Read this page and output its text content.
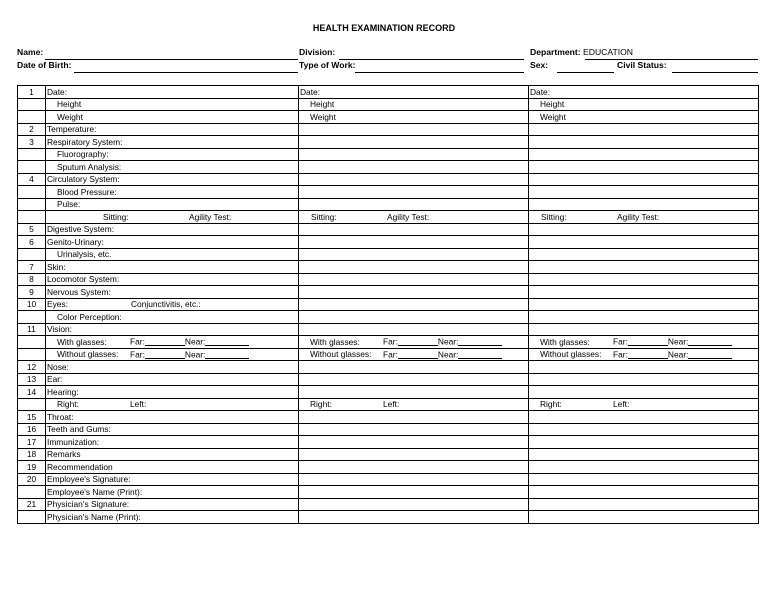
HEALTH EXAMINATION RECORD
Name:	Division:	Department: EDUCATION
Date of Birth:	Type of Work:	Sex:	Civil Status:
1	Date:	Date:	Date:
	Height	Height	Height
	Weight	Weight	Weight
2	Temperature:		
3	Respiratory System:		
	Fluorography:		
	Sputum Analysis:		
4	Circulatory System:		
	Blood Pressure:		
	Pulse:		
	Sitting: Agility Test:	Sitting: Agility Test:	Sitting: Agility Test:
5	Digestive System:		
6	Genito-Urinary:		
	Urinalysis, etc.		
7	Skin:		
8	Locomotor System:		
9	Nervous System:		
10	Eyes: Conjunctivitis, etc.:		
	Color Perception:		
11	Vision:		
	With glasses: Far: Near:	With glasses: Far: Near:	With glasses: Far: Near:
	Without glasses: Far: Near:	Without glasses: Far: Near:	Without glasses: Far: Near:
12	Nose:		
13	Ear:		
14	Hearing:		
	Right: Left:	Right: Left:	Right: Left:
15	Throat:		
16	Teeth and Gums:		
17	Immunization:		
18	Remarks		
19	Recommendation		
20	Employee's Signature:		
	Employee's Name (Print):		
21	Physician's Signature:		
	Physician's Name (Print):		
